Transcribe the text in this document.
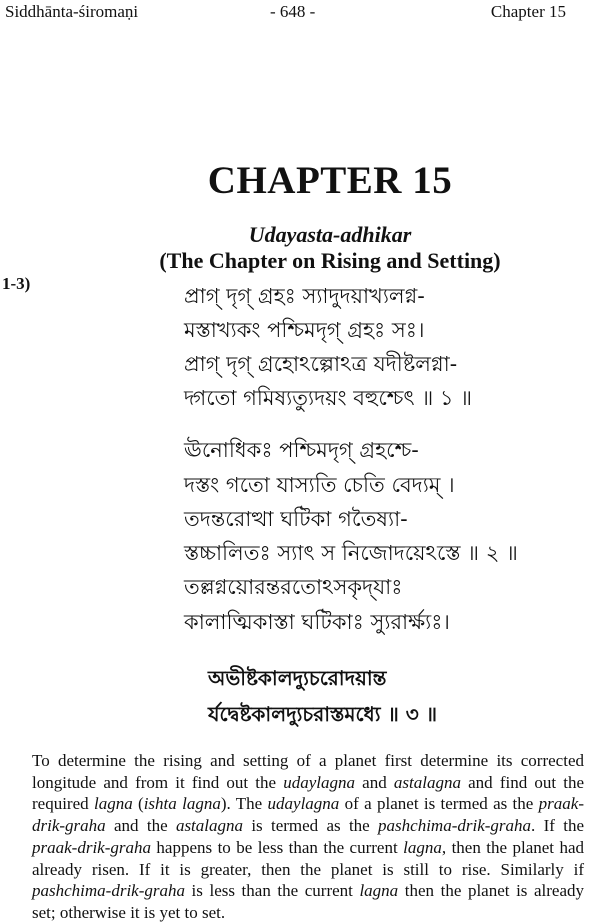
Siddhānta-śiromaṇi	- 648 -	Chapter 15
CHAPTER 15
Udayasta-adhikar
(The Chapter on Rising and Setting)
1-3)
প্রাগ্ দৃগ্ গ্রহঃ স্যাদুদয়াখ্যলগ্ন-
মস্তাখ্যকং পশ্চিমদৃগ্ গ্রহঃ সঃ।
প্রাগ্ দৃগ্ গ্রহোঽল্পোঽত্র যদীষ্টলগ্না-
দ্গতো গমিষ্যত্যুদয়ং বহুশ্চেৎ ॥ ১ ॥
ঊনোধিকঃ পশ্চিমদৃগ্ গ্রহশ্চে-
দস্তং গতো যাস্যতি চেতি বেদ্যম্ ।
তদন্তরোত্থা ঘটিকা গতৈষ্যা-
স্তচ্চালিতঃ স্যাৎ স নিজোদয়েঽস্তে ॥ ২ ॥
তল্লগ্নয়োরন্তরতোঽসকৃদ্‌যাঃ
কালাত্মিকাস্তা ঘটিকাঃ স্যুরার্ক্ষ্যঃ।
অভীষ্টকালদ্যুচরোদয়ান্ত
র্যদ্বেষ্টকালদ্যুচরাস্তমধ্যে ॥ ৩ ॥
To determine the rising and setting of a planet first determine its corrected longitude and from it find out the udaylagna and astalagna and find out the required lagna (ishta lagna). The udaylagna of a planet is termed as the praak-drik-graha and the astalagna is termed as the pashchima-drik-graha. If the praak-drik-graha happens to be less than the current lagna, then the planet had already risen. If it is greater, then the planet is still to rise. Similarly if pashchima-drik-graha is less than the current lagna then the planet is already set; otherwise it is yet to set.
